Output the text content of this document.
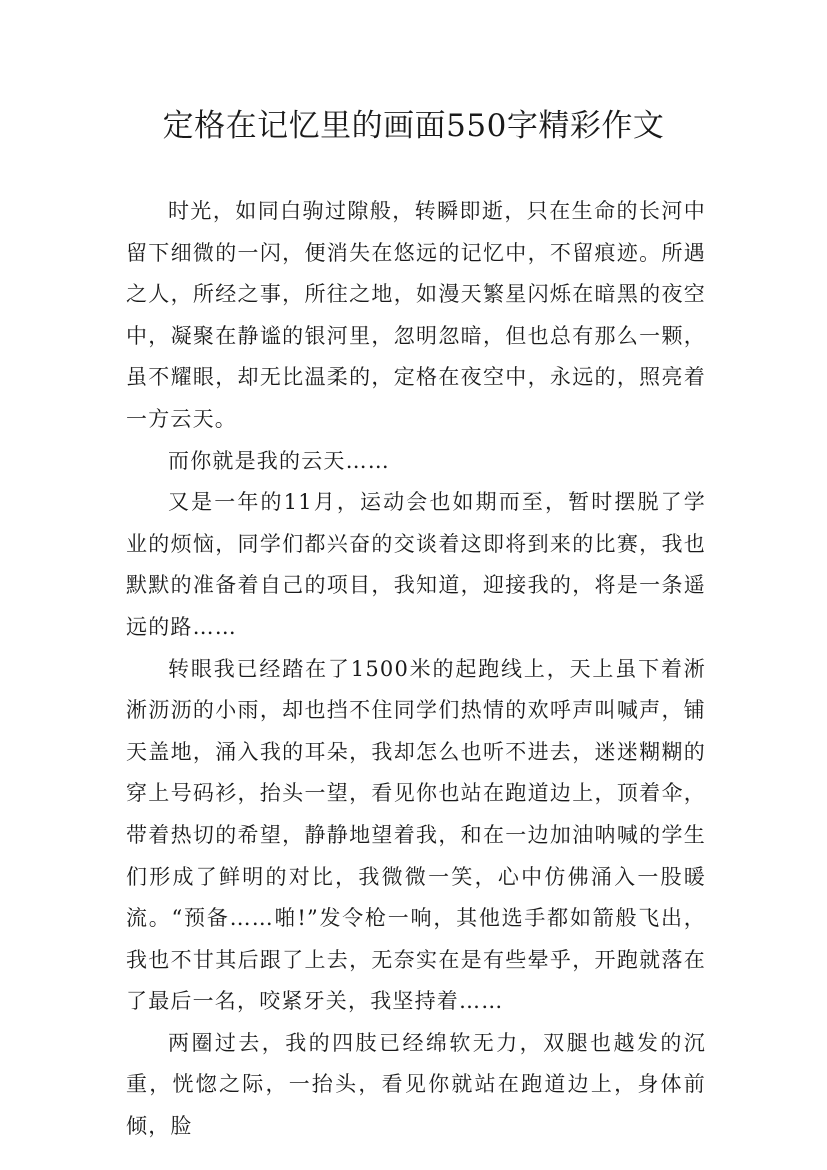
定格在记忆里的画面550字精彩作文

时光，如同白驹过隙般，转瞬即逝，只在生命的长河中留下细微的一闪，便消失在悠远的记忆中，不留痕迹。所遇之人，所经之事，所往之地，如漫天繁星闪烁在暗黑的夜空中，凝聚在静谧的银河里，忽明忽暗，但也总有那么一颗，虽不耀眼，却无比温柔的，定格在夜空中，永远的，照亮着一方云天。

而你就是我的云天……

又是一年的11月，运动会也如期而至，暂时摆脱了学业的烦恼，同学们都兴奋的交谈着这即将到来的比赛，我也默默的准备着自己的项目，我知道，迎接我的，将是一条遥远的路……

转眼我已经踏在了1500米的起跑线上，天上虽下着淅淅沥沥的小雨，却也挡不住同学们热情的欢呼声叫喊声，铺天盖地，涌入我的耳朵，我却怎么也听不进去，迷迷糊糊的穿上号码衫，抬头一望，看见你也站在跑道边上，顶着伞，带着热切的希望，静静地望着我，和在一边加油呐喊的学生们形成了鲜明的对比，我微微一笑，心中仿佛涌入一股暖流。“预备……啪!”发令枪一响，其他选手都如箭般飞出，我也不甘其后跟了上去，无奈实在是有些晕乎，开跑就落在了最后一名，咬紧牙关，我坚持着……

两圈过去，我的四肢已经绵软无力，双腿也越发的沉重，恍惚之际，一抬头，看见你就站在跑道边上，身体前倾，脸
